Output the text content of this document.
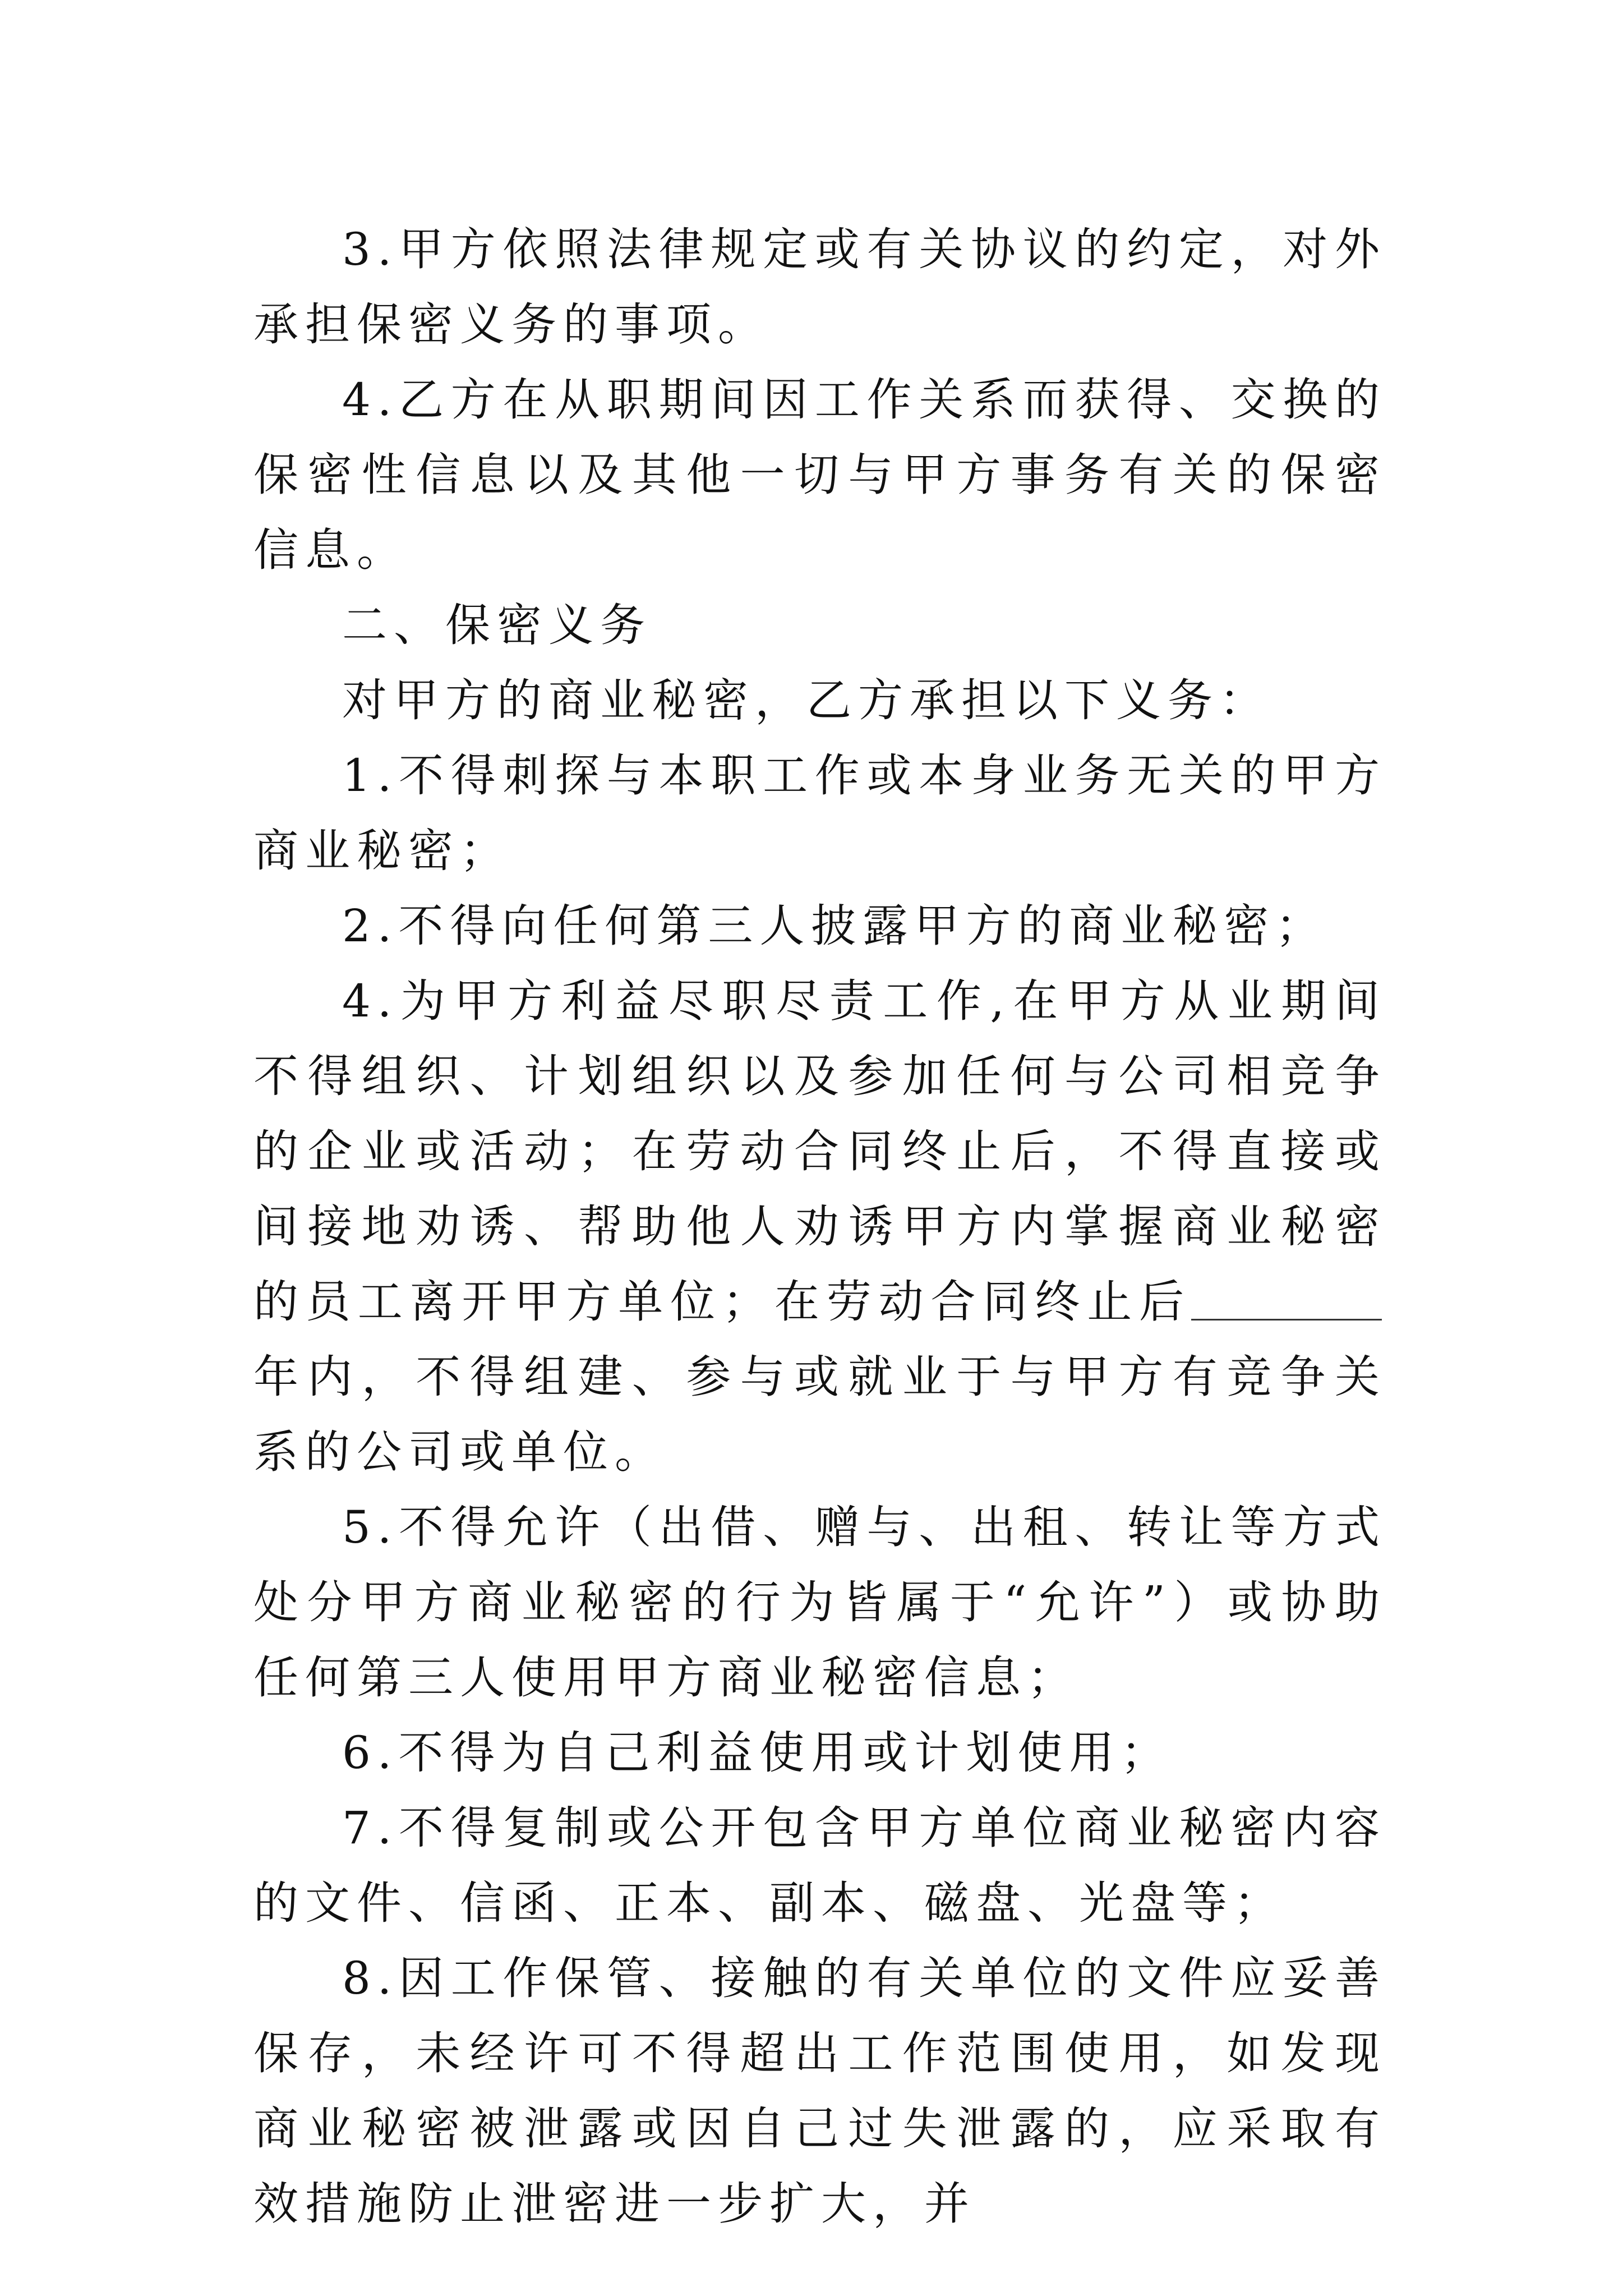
3.甲方依照法律规定或有关协议的约定，对外承担保密义务的事项。

4.乙方在从职期间因工作关系而获得、交换的保密性信息以及其他一切与甲方事务有关的保密信息。

二、保密义务

对甲方的商业秘密，乙方承担以下义务：

1.不得刺探与本职工作或本身业务无关的甲方商业秘密；

2.不得向任何第三人披露甲方的商业秘密；

4.为甲方利益尽职尽责工作,在甲方从业期间不得组织、计划组织以及参加任何与公司相竞争的企业或活动；在劳动合同终止后，不得直接或间接地劝诱、帮助他人劝诱甲方内掌握商业秘密的员工离开甲方单位；在劳动合同终止后年内，不得组建、参与或就业于与甲方有竞争关系的公司或单位。

5.不得允许（出借、赠与、出租、转让等方式处分甲方商业秘密的行为皆属于“允许”）或协助任何第三人使用甲方商业秘密信息；

6.不得为自己利益使用或计划使用；

7.不得复制或公开包含甲方单位商业秘密内容的文件、信函、正本、副本、磁盘、光盘等；

8.因工作保管、接触的有关单位的文件应妥善保存，未经许可不得超出工作范围使用，如发现商业秘密被泄露或因自己过失泄露的，应采取有效措施防止泄密进一步扩大，并
